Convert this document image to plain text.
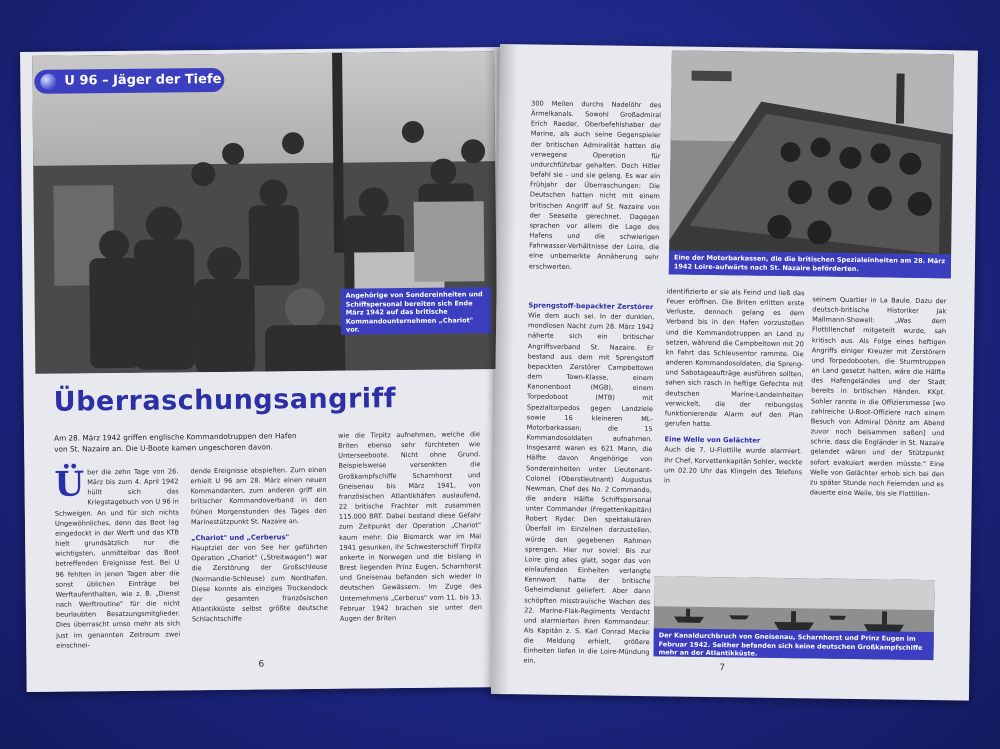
U 96 – Jäger der Tiefe
Angehörige von Sondereinheiten und Schiffspersonal bereiten sich Ende März 1942 auf das britische Kommandounternehmen „Chariot" vor.
Überraschungsangriff
Am 28. März 1942 griffen englische Kommandotruppen den Hafen von St. Nazaire an. Die U-Boote kamen ungeschoren davon.
Ü ber die zehn Tage von 26. März bis zum 4. April 1942 hüllt sich das Kriegstagebuch von U 96 in Schweigen. An und für sich nichts Ungewöhnliches, denn das Boot lag eingedockt in der Werft und das KTB hielt grundsätzlich nur die wichtigsten, unmittelbar das Boot betreffenden Ereignisse fest. Bei U 96 fehlten in jenen Tagen aber die sonst üblichen Einträge bei Werftaufenthalten, wie z. B. „Dienst nach Werftroutine" für die nicht beurlaubten Besatzungsmitglieder. Dies überrascht umso mehr als sich just im genannten Zeitraum zwei einschnei-

dende Ereignisse abspielten. Zum einen erhielt U 96 am 28. März einen neuen Kommandanten, zum anderen griff ein britischer Kommandoverband in den frühen Morgenstunden des Tages den Marinestützpunkt St. Nazaire an.

„Chariot" und „Cerberus"

Hauptziel der von See her geführten Operation „Chariot" („Streitwagen") war die Zerstörung der Großschleuse (Normandie-Schleuse) zum Nordhafen. Diese konnte als einziges Trockendock der gesamten französischen Atlantikküste selbst größte deutsche Schlachtschiffe

wie die Tirpitz aufnehmen, welche die Briten ebenso sehr fürchteten wie Unterseeboote. Nicht ohne Grund. Beispielsweise versenkten die Großkampfschiffe Scharnhorst und Gneisenau bis März 1941, von französischen Atlantikhäfen auslaufend, 22 britische Frachter mit zusammen 115.000 BRT. Dabei bestand diese Gefahr zum Zeitpunkt der Operation „Chariot" kaum mehr: Die Bismarck war im Mai 1941 gesunken, ihr Schwesterschiff Tirpitz ankerte in Norwegen und die bislang in Brest liegenden Prinz Eugen, Scharnhorst und Gneisenau befanden sich wieder in deutschen Gewässern. Im Zuge des Unternehmens „Cerberus" vom 11. bis 13. Februar 1942 brachen sie unter den Augen der Briten

6

300 Meilen durchs Nadelöhr des Ärmelkanals. Sowohl Großadmiral Erich Raeder, Oberbefehlshaber der Marine, als auch seine Gegenspieler der britischen Admiralität hatten die verwegene Operation für undurchführbar gehalten. Doch Hitler befahl sie – und sie gelang. Es war ein Frühjahr der Überraschungen: Die Deutschen hatten nicht mit einem britischen Angriff auf St. Nazaire von der Seeseite gerechnet. Dagegen sprachen vor allem die Lage des Hafens und die schwierigen Fahrwasser-Verhältnisse der Loire, die eine unbemerkte Annäherung sehr erschwerten.

Eine der Motorbarkassen, die die britischen Spezialeinheiten am 28. März 1942 Loire-aufwärts nach St. Nazaire beförderten.

Sprengstoff-bepackter Zerstörer

Wie dem auch sei. In der dunklen, mondlosen Nacht zum 28. März 1942 näherte sich ein britischer Angriffsverband St. Nazaire. Er bestand aus dem mit Sprengstoff bepackten Zerstörer Campbeltown dem Town-Klasse, einem Kanonenboot (MGB), einem Torpedoboot (MTB) mit Spezialtorpedos gegen Landziele sowie 16 kleineren ML-Motorbarkassen; die 15 Kommandosoldaten aufnahmen. Insgesamt waren es 621 Mann, die Hälfte davon Angehörige von Sondereinheiten unter Lieutenant-Colonel (Oberstleutnant) Augustus Newman, Chef des No. 2 Commando, die andere Hälfte Schiffspersonal unter Commander (Fregattenkapitän) Robert Ryder. Den spektakulären Überfall im Einzelnen darzustellen, würde den gegebenen Rahmen sprengen. Hier nur soviel: Bis zur Loire ging alles glatt, sogar das von einlaufenden Einheiten verlangte Kennwort hatte der britische Geheimdienst geliefert. Aber dann schöpften misstrauische Wachen des 22. Marine-Flak-Regiments Verdacht und alarmierten ihren Kommandeur. Als Kapitän z. S. Karl Conrad Mecke die Meldung erhielt, größere Einheiten liefen in die Loire-Mündung ein,

identifizierte er sie als Feind und ließ das Feuer eröffnen. Die Briten erlitten erste Verluste, dennoch gelang es dem Verband bis in den Hafen vorzustoßen und die Kommandotruppen an Land zu setzen, während die Campbeltown mit 20 kn Fahrt das Schleusentor rammte. Die anderen Kommandosoldaten, die Spreng- und Sabotageaufträge ausführen sollten, sahen sich rasch in heftige Gefechte mit deutschen Marine-Landeinheiten verwickelt, die der reibungslos funktionierende Alarm auf den Plan gerufen hatte.

Eine Welle von Gelächter

Auch die 7. U-Flottille wurde alarmiert. Ihr Chef, Korvettenkapitän Sohler, weckte um 02.20 Uhr das Klingeln des Telefons in

seinem Quartier in La Baule. Dazu der deutsch-britische Historiker Jak Mallmann-Showell: „Was dem Flottillenchef mitgeteilt wurde, sah kritisch aus. Als Folge eines heftigen Angriffs einiger Kreuzer mit Zerstörern und Torpedobooten, die Sturmtruppen an Land gesetzt hatten, wäre die Hälfte des Hafengeländes und der Stadt bereits in britischen Händen. KKpt. Sohler rannte in die Offiziersmesse [wo zahlreiche U-Boot-Offiziere nach einem Besuch von Admiral Dönitz am Abend zuvor noch beisammen saßen] und schrie, dass die Engländer in St. Nazaire gelandet wären und der Stützpunkt sofort evakuiert werden müsste." Eine Welle von Gelächter erhob sich bei den zu später Stunde noch Feiernden und es dauerte eine Weile, bis sie Flottillen-

Der Kanaldurchbruch von Gneisenau, Scharnhorst und Prinz Eugen im Februar 1942. Seither befanden sich keine deutschen Großkampfschiffe mehr an der Atlantikküste.
7
